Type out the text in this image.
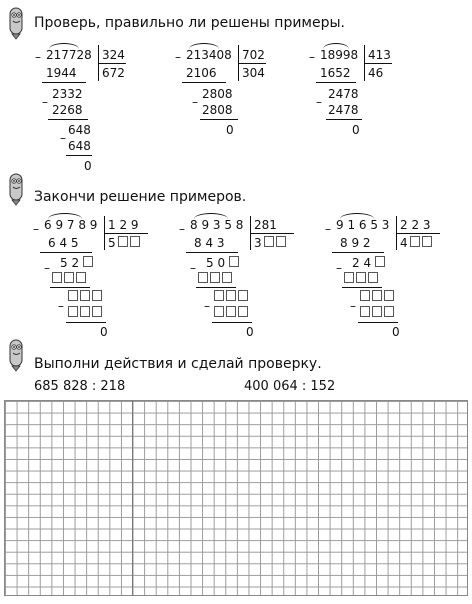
Проверь, правильно ли решены примеры.
– 217728 324
672
1944
–
2332
2268
–
648
648
0
– 213408 702
304
2106
–
2808
2808
0
– 18998 413
46
1652
–
2478
2478
0
Закончи решение примеров.
– 6 9 7 8 9 1 2 9
5
6 4 5
– 5 2
–
0
– 8 9 3 5 8 281
3
8 4 3
– 5 0
–
0
– 9 1 6 5 3 2 2 3
4
8 9 2
– 2 4
–
0
Выполни действия и сделай проверку.
685 828 : 218	400 064 : 152
